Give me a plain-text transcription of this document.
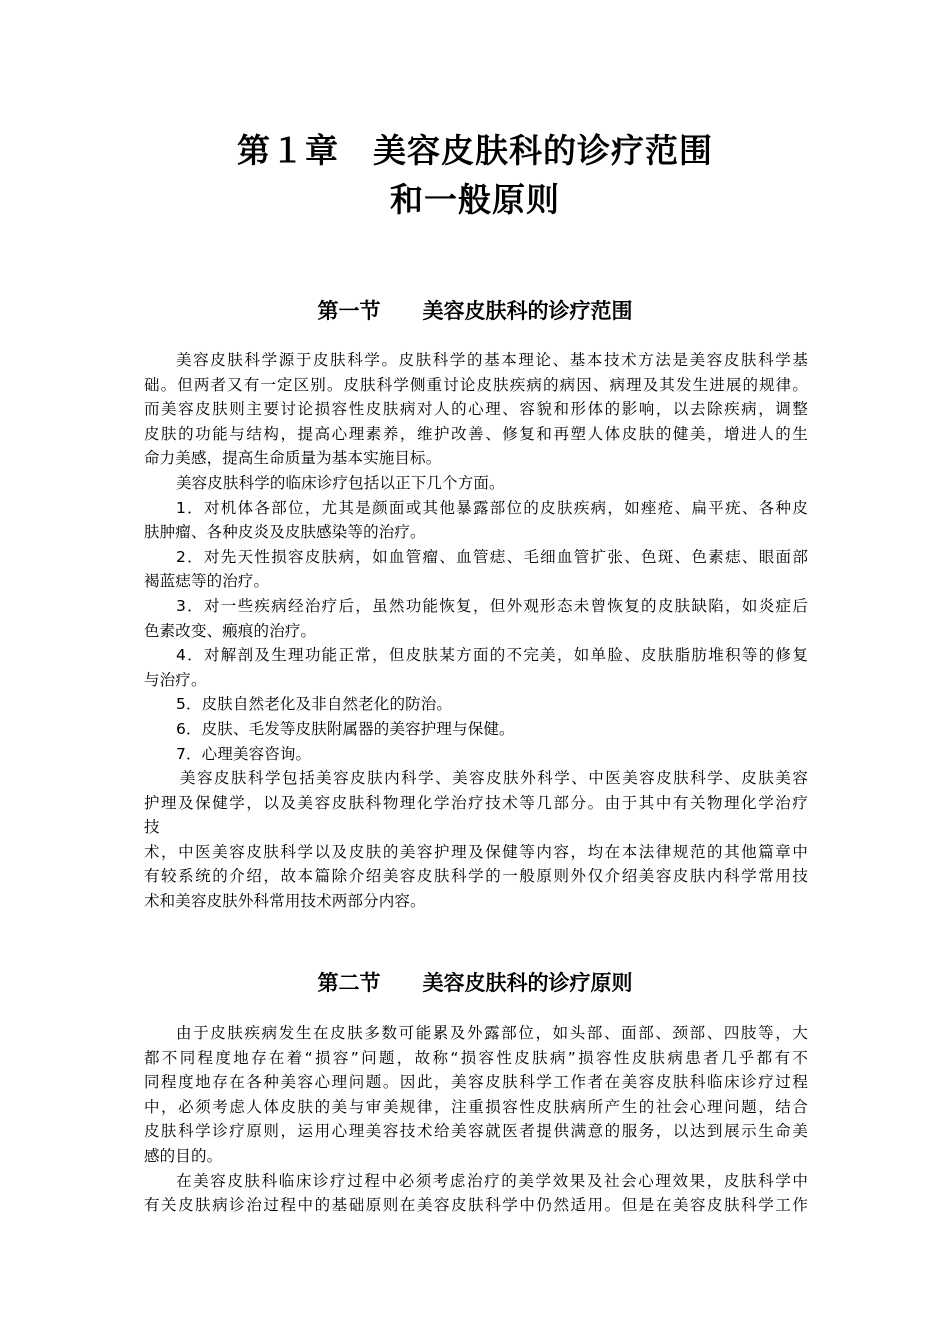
第１章　美容皮肤科的诊疗范围
和一般原则
第一节　　美容皮肤科的诊疗范围

美容皮肤科学源于皮肤科学。皮肤科学的基本理论、基本技术方法是美容皮肤科学基

础。但两者又有一定区别。皮肤科学侧重讨论皮肤疾病的病因、病理及其发生进展的规律。

而美容皮肤则主要讨论损容性皮肤病对人的心理、容貌和形体的影响，以去除疾病，调整

皮肤的功能与结构，提高心理素养，维护改善、修复和再塑人体皮肤的健美，增进人的生

命力美感，提高生命质量为基本实施目标。

美容皮肤科学的临床诊疗包括以正下几个方面。

1．对机体各部位，尤其是颜面或其他暴露部位的皮肤疾病，如痤疮、扁平疣、各种皮

肤肿瘤、各种皮炎及皮肤感染等的治疗。

2．对先天性损容皮肤病，如血管瘤、血管痣、毛细血管扩张、色斑、色素痣、眼面部

褐蓝痣等的治疗。

3．对一些疾病经治疗后，虽然功能恢复，但外观形态未曾恢复的皮肤缺陷，如炎症后

色素改变、瘢痕的治疗。

4．对解剖及生理功能正常，但皮肤某方面的不完美，如单脸、皮肤脂肪堆积等的修复

与治疗。

5．皮肤自然老化及非自然老化的防治。

6．皮肤、毛发等皮肤附属器的美容护理与保健。

7．心理美容咨询。

美容皮肤科学包括美容皮肤内科学、美容皮肤外科学、中医美容皮肤科学、皮肤美容

护理及保健学，以及美容皮肤科物理化学治疗技术等几部分。由于其中有关物理化学治疗

技

术，中医美容皮肤科学以及皮肤的美容护理及保健等内容，均在本法律规范的其他篇章中

有较系统的介绍，故本篇除介绍美容皮肤科学的一般原则外仅介绍美容皮肤内科学常用技

术和美容皮肤外科常用技术两部分内容。

第二节　　美容皮肤科的诊疗原则

由于皮肤疾病发生在皮肤多数可能累及外露部位，如头部、面部、颈部、四肢等，大

都不同程度地存在着“损容”问题，故称“损容性皮肤病”损容性皮肤病患者几乎都有不

同程度地存在各种美容心理问题。因此，美容皮肤科学工作者在美容皮肤科临床诊疗过程

中，必须考虑人体皮肤的美与审美规律，注重损容性皮肤病所产生的社会心理问题，结合

皮肤科学诊疗原则，运用心理美容技术给美容就医者提供满意的服务，以达到展示生命美

感的目的。

在美容皮肤科临床诊疗过程中必须考虑治疗的美学效果及社会心理效果，皮肤科学中

有关皮肤病诊治过程中的基础原则在美容皮肤科学中仍然适用。但是在美容皮肤科学工作
